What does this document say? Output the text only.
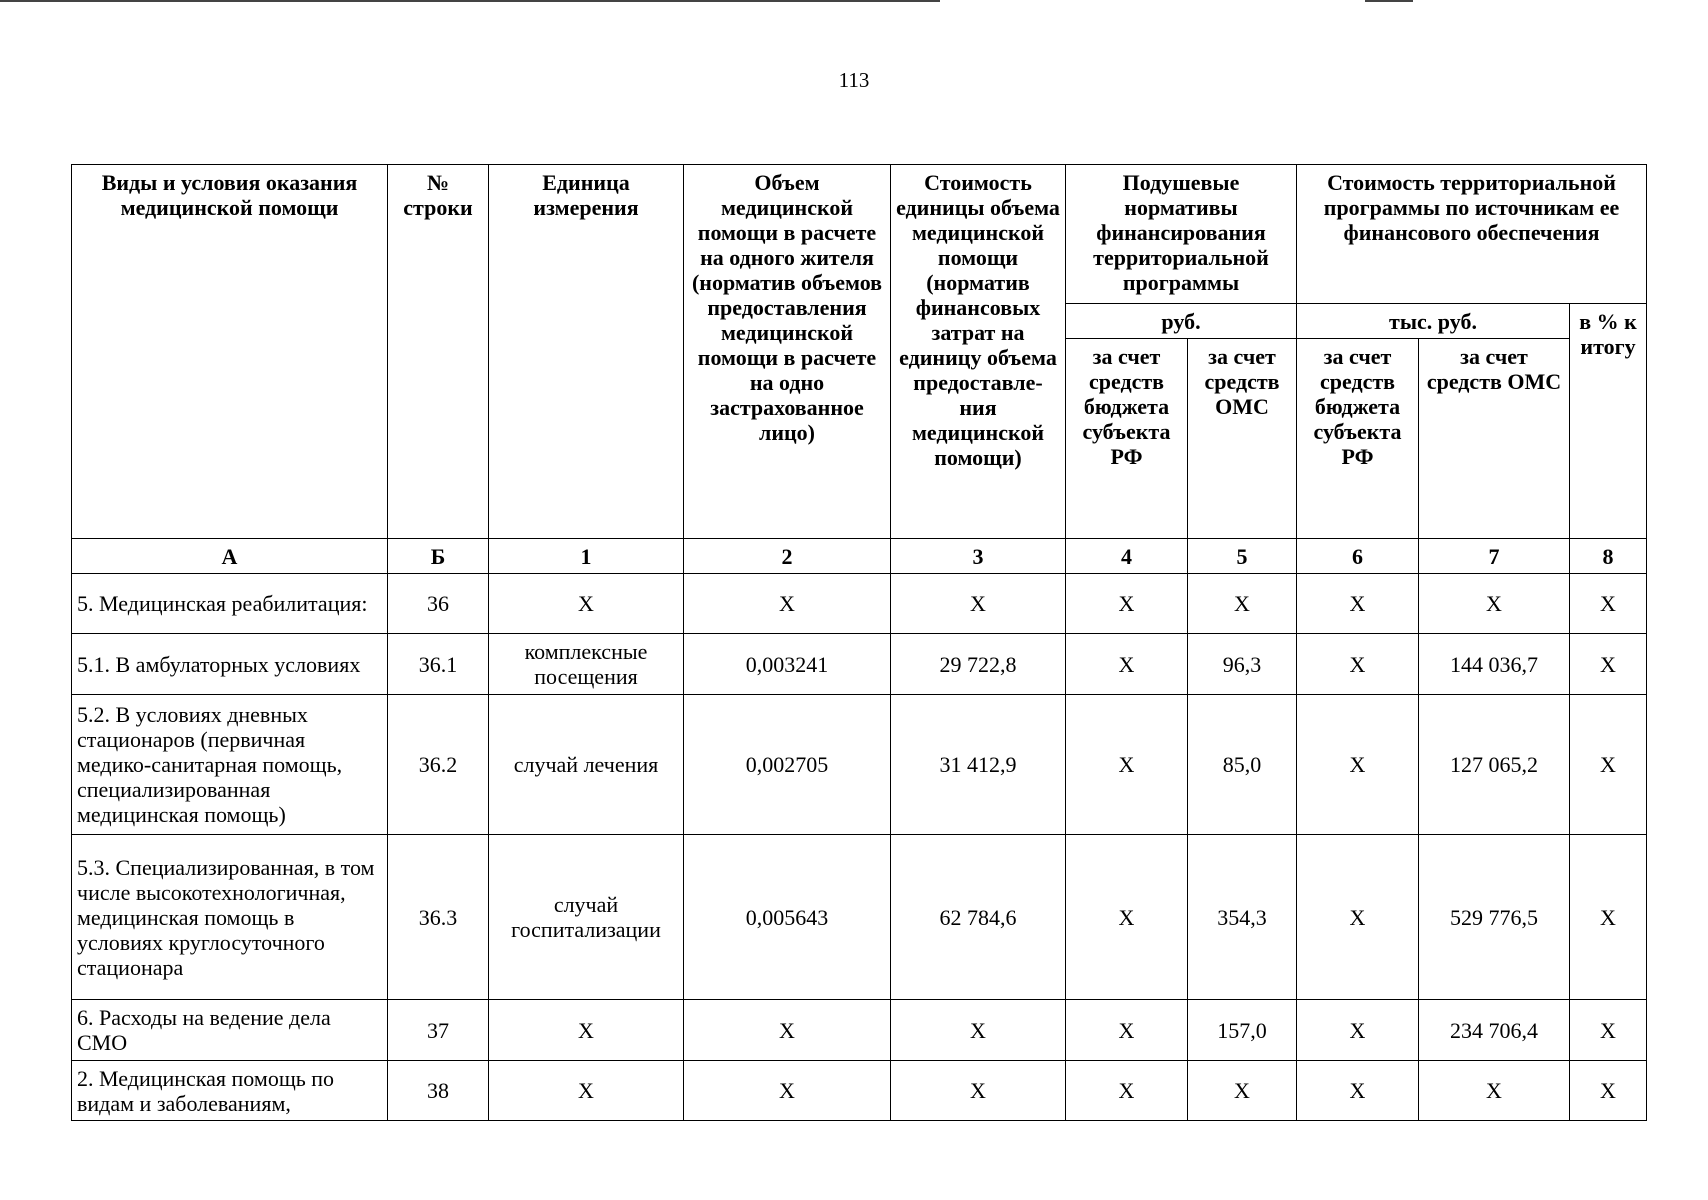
113
Виды и условия оказания медицинской помощи	№ строки	Единица измерения	Объем медицинской помощи в расчете на одного жителя (норматив объемов предоставления медицинской помощи в расчете на одно застрахованное лицо)	Стоимость единицы объема медицинской помощи (норматив финансовых затрат на единицу объема предоставле-ния медицинской помощи)	Подушевые нормативы финансирования территориальной программы		Стоимость территориальной программы по источникам ее финансового обеспечения		
					руб.		тыс. руб.		в % к итогу
					за счет средств бюджета субъекта РФ	за счет средств ОМС	за счет средств бюджета субъекта РФ	за счет средств ОМС	
А	Б	1	2	3	4	5	6	7	8
5. Медицинская реабилитация:	36	Х	Х	Х	Х	Х	Х	Х	Х
5.1. В амбулаторных условиях	36.1	комплексные посещения	0,003241	29 722,8	Х	96,3	Х	144 036,7	Х
5.2. В условиях дневных стационаров (первичная медико-санитарная помощь, специализированная медицинская помощь)	36.2	случай лечения	0,002705	31 412,9	Х	85,0	Х	127 065,2	Х
5.3. Специализированная, в том числе высокотехнологичная, медицинская помощь в условиях круглосуточного стационара	36.3	случай госпитализации	0,005643	62 784,6	Х	354,3	Х	529 776,5	Х
6. Расходы на ведение дела СМО	37	Х	Х	Х	Х	157,0	Х	234 706,4	Х
2. Медицинская помощь по видам и заболеваниям,	38	Х	Х	Х	Х	Х	Х	Х	Х
